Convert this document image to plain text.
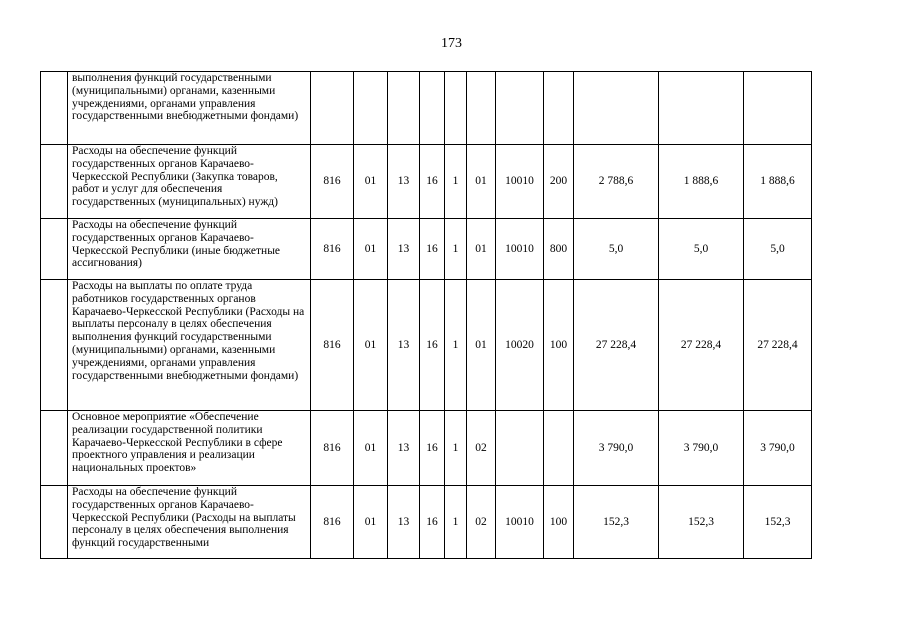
173
	выполнения функций государственными (муниципальными) органами, казенными учреждениями, органами управления государственными внебюджетными фондами)											
	Расходы на обеспечение функций государственных органов Карачаево-Черкесской Республики (Закупка товаров, работ и услуг для обеспечения государственных (муниципальных) нужд)	816	01	13	16	1	01	10010	200	2 788,6	1 888,6	1 888,6
	Расходы на обеспечение функций государственных органов Карачаево-Черкесской Республики (иные бюджетные ассигнования)	816	01	13	16	1	01	10010	800	5,0	5,0	5,0
	Расходы на выплаты по оплате труда работников государственных органов Карачаево-Черкесской Республики (Расходы на выплаты персоналу в целях обеспечения выполнения функций государственными (муниципальными) органами, казенными учреждениями, органами управления государственными внебюджетными фондами)	816	01	13	16	1	01	10020	100	27 228,4	27 228,4	27 228,4
	Основное мероприятие «Обеспечение реализации государственной политики Карачаево-Черкесской Республики в сфере проектного управления и реализации национальных проектов»	816	01	13	16	1	02			3 790,0	3 790,0	3 790,0
	Расходы на обеспечение функций государственных органов Карачаево-Черкесской Республики (Расходы на выплаты персоналу в целях обеспечения выполнения функций государственными	816	01	13	16	1	02	10010	100	152,3	152,3	152,3
